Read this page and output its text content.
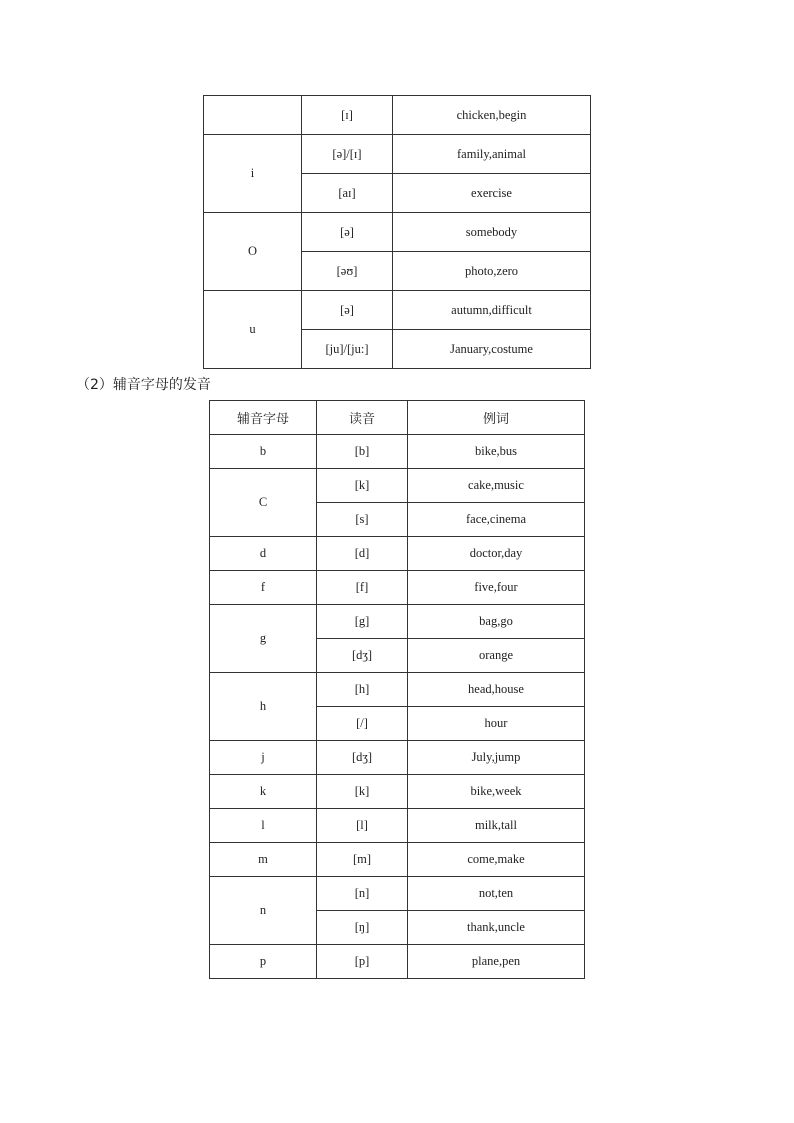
	[ɪ]	chicken,begin
i	[ə]/[ɪ]	family,animal
	[aɪ]	exercise
O	[ə]	somebody
	[əʊ]	photo,zero
u	[ə]	autumn,difficult
	[ju]/[ju:]	January,costume
（2）辅音字母的发音
辅音字母	读音	例词
b	[b]	bike,bus
C	[k]	cake,music
	[s]	face,cinema
d	[d]	doctor,day
f	[f]	five,four
g	[g]	bag,go
	[dʒ]	orange
h	[h]	head,house
	[/]	hour
j	[dʒ]	July,jump
k	[k]	bike,week
l	[l]	milk,tall
m	[m]	come,make
n	[n]	not,ten
	[ŋ]	thank,uncle
p	[p]	plane,pen
